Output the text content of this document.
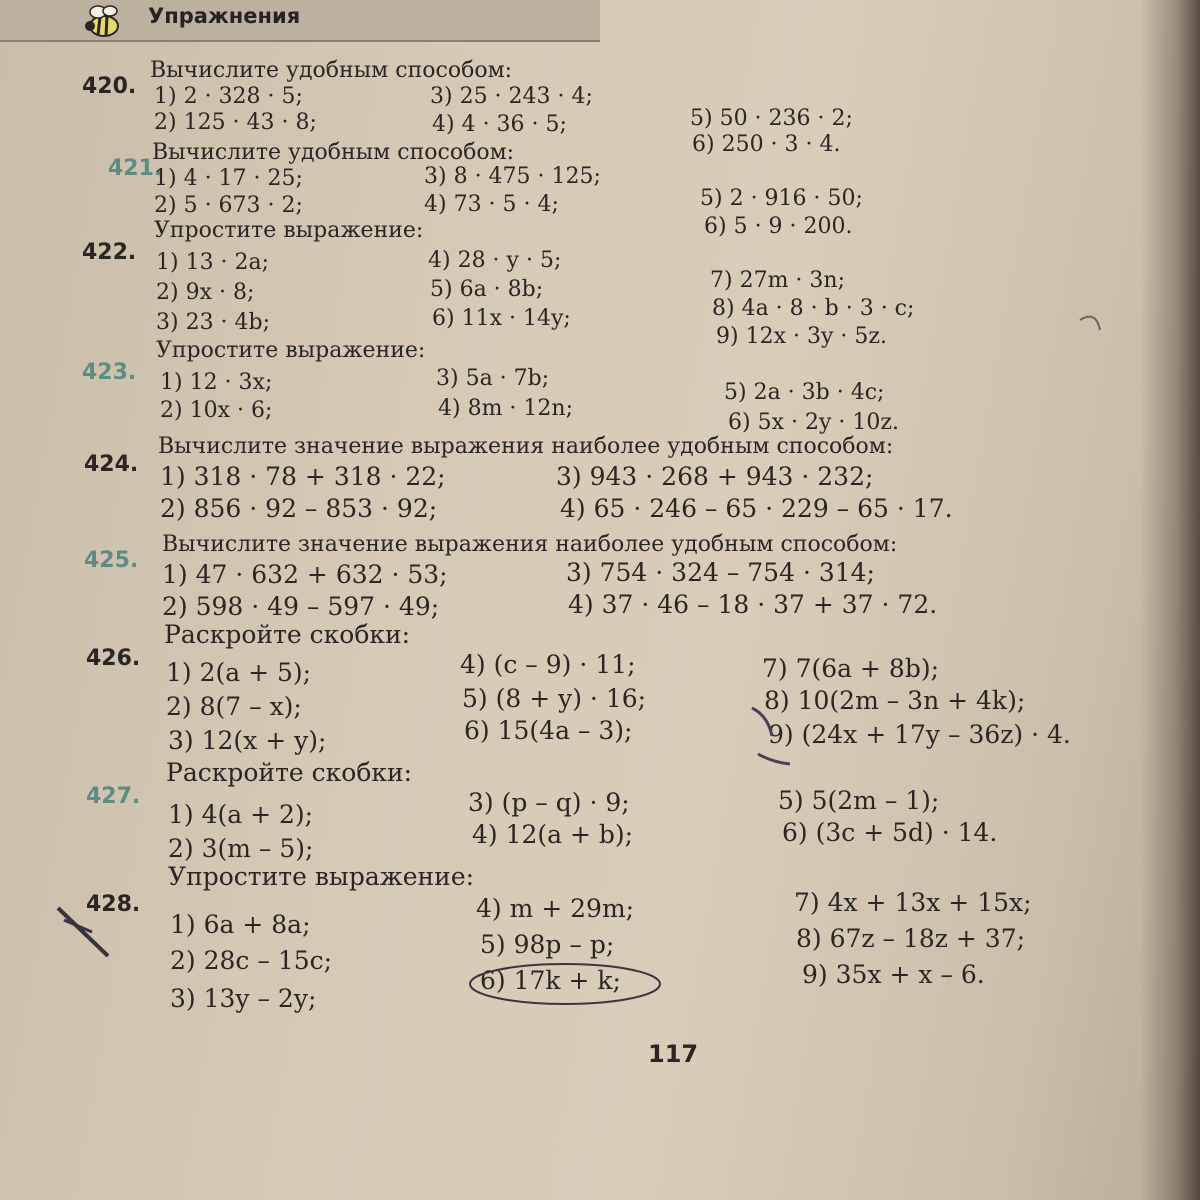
Упражнения
420.
Вычислите удобным способом:
1) 2 · 328 · 5;
2) 125 · 43 · 8;
3) 25 · 243 · 4;
4) 4 · 36 · 5;	5) 50 · 236 · 2;
6) 250 · 3 · 4.
421.
Вычислите удобным способом:
1) 4 · 17 · 25;
2) 5 · 673 · 2;
3) 8 · 475 · 125;
4) 73 · 5 · 4;	5) 2 · 916 · 50;
6) 5 · 9 · 200.
422.
Упростите выражение:
1) 13 · 2a;
2) 9x · 8;
3) 23 · 4b;
4) 28 · y · 5;
5) 6a · 8b;
6) 11x · 14y;
7) 27m · 3n;
8) 4a · 8 · b · 3 · c;
9) 12x · 3y · 5z.
423.
Упростите выражение:
1) 12 · 3x;
2) 10x · 6;
3) 5a · 7b;
4) 8m · 12n;
5) 2a · 3b · 4c;
6) 5x · 2y · 10z.
424.
Вычислите значение выражения наиболее удобным способом:
1) 318 · 78 + 318 · 22;
2) 856 · 92 – 853 · 92;
3) 943 · 268 + 943 · 232;
4) 65 · 246 – 65 · 229 – 65 · 17.
425.
Вычислите значение выражения наиболее удобным способом:
1) 47 · 632 + 632 · 53;
2) 598 · 49 – 597 · 49;
3) 754 · 324 – 754 · 314;
4) 37 · 46 – 18 · 37 + 37 · 72.
426.
Раскройте скобки:
1) 2(a + 5);
2) 8(7 – x);
3) 12(x + y);
4) (c – 9) · 11;
5) (8 + y) · 16;
6) 15(4a – 3);
7) 7(6a + 8b);
8) 10(2m – 3n + 4k);
9) (24x + 17y – 36z) · 4.
427.
Раскройте скобки:
1) 4(a + 2);
2) 3(m – 5);
3) (p – q) · 9;
4) 12(a + b);
5) 5(2m – 1);
6) (3c + 5d) · 14.
428.
Упростите выражение:
1) 6a + 8a;
2) 28c – 15c;
3) 13y – 2y;
4) m + 29m;
5) 98p – p;
6) 17k + k;
7) 4x + 13x + 15x;
8) 67z – 18z + 37;
9) 35x + x – 6.
117
